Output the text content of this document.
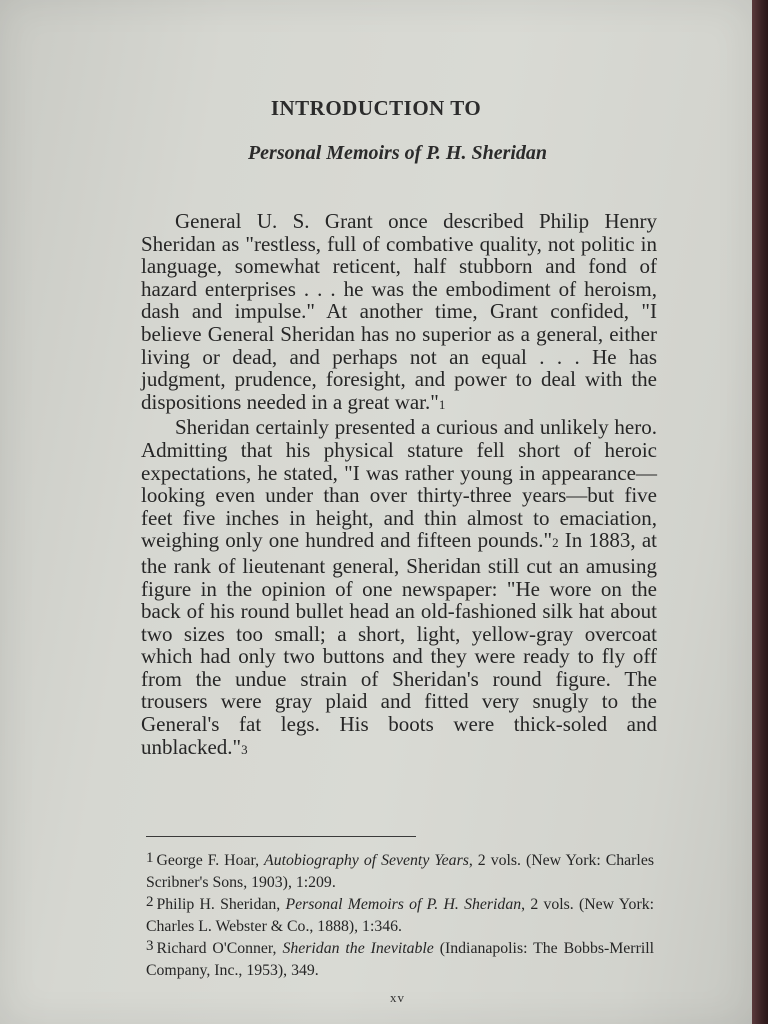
INTRODUCTION TO
Personal Memoirs of P. H. Sheridan

General U. S. Grant once described Philip Henry Sheridan as "restless, full of combative quality, not politic in language, somewhat reticent, half stubborn and fond of hazard enterprises . . . he was the embodiment of heroism, dash and impulse." At another time, Grant confided, "I believe General Sheridan has no superior as a general, either living or dead, and perhaps not an equal . . . He has judgment, prudence, foresight, and power to deal with the dispositions needed in a great war."1

Sheridan certainly presented a curious and unlikely hero. Admitting that his physical stature fell short of heroic expectations, he stated, "I was rather young in appearance—looking even under than over thirty-three years—but five feet five inches in height, and thin almost to emaciation, weighing only one hundred and fifteen pounds."2 In 1883, at the rank of lieutenant general, Sheridan still cut an amusing figure in the opinion of one newspaper: "He wore on the back of his round bullet head an old-fashioned silk hat about two sizes too small; a short, light, yellow-gray overcoat which had only two buttons and they were ready to fly off from the undue strain of Sheridan's round figure. The trousers were gray plaid and fitted very snugly to the General's fat legs. His boots were thick-soled and unblacked."3

1 George F. Hoar, Autobiography of Seventy Years, 2 vols. (New York: Charles Scribner's Sons, 1903), 1:209.

2 Philip H. Sheridan, Personal Memoirs of P. H. Sheridan, 2 vols. (New York: Charles L. Webster & Co., 1888), 1:346.

3 Richard O'Conner, Sheridan the Inevitable (Indianapolis: The Bobbs-Merrill Company, Inc., 1953), 349.

xv
